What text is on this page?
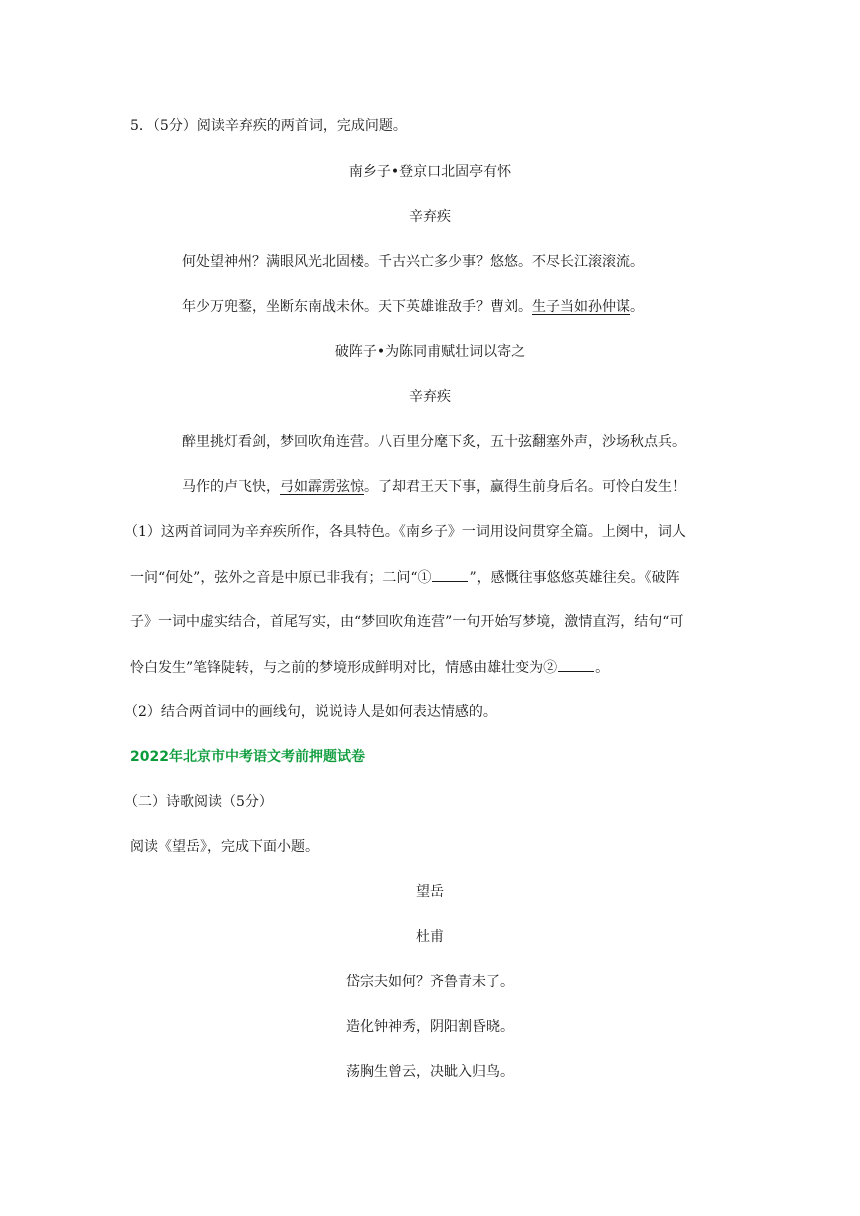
5．（5分）阅读辛弃疾的两首词，完成问题。
南乡子•登京口北固亭有怀
辛弃疾
何处望神州？满眼风光北固楼。千古兴亡多少事？悠悠。不尽长江滚滚流。
年少万兜鍪，坐断东南战未休。天下英雄谁敌手？曹刘。生子当如孙仲谋。
破阵子•为陈同甫赋壮词以寄之
辛弃疾
醉里挑灯看剑，梦回吹角连营。八百里分麾下炙，五十弦翻塞外声，沙场秋点兵。
马作的卢飞快，弓如霹雳弦惊。了却君王天下事，赢得生前身后名。可怜白发生！
（1）这两首词同为辛弃疾所作，各具特色。《南乡子》一词用设问贯穿全篇。上阕中，词人
一问“何处”，弦外之音是中原已非我有；二问“①	”，感慨往事悠悠英雄往矣。《破阵
子》一词中虚实结合，首尾写实，由“梦回吹角连营”一句开始写梦境，激情直泻，结句“可
怜白发生”笔锋陡转，与之前的梦境形成鲜明对比，情感由雄壮变为②	。
（2）结合两首词中的画线句，说说诗人是如何表达情感的。
2022年北京市中考语文考前押题试卷
（二）诗歌阅读（5分）
阅读《望岳》，完成下面小题。
望岳
杜甫
岱宗夫如何？齐鲁青未了。
造化钟神秀，阴阳割昏晓。
荡胸生曾云，决眦入归鸟。
